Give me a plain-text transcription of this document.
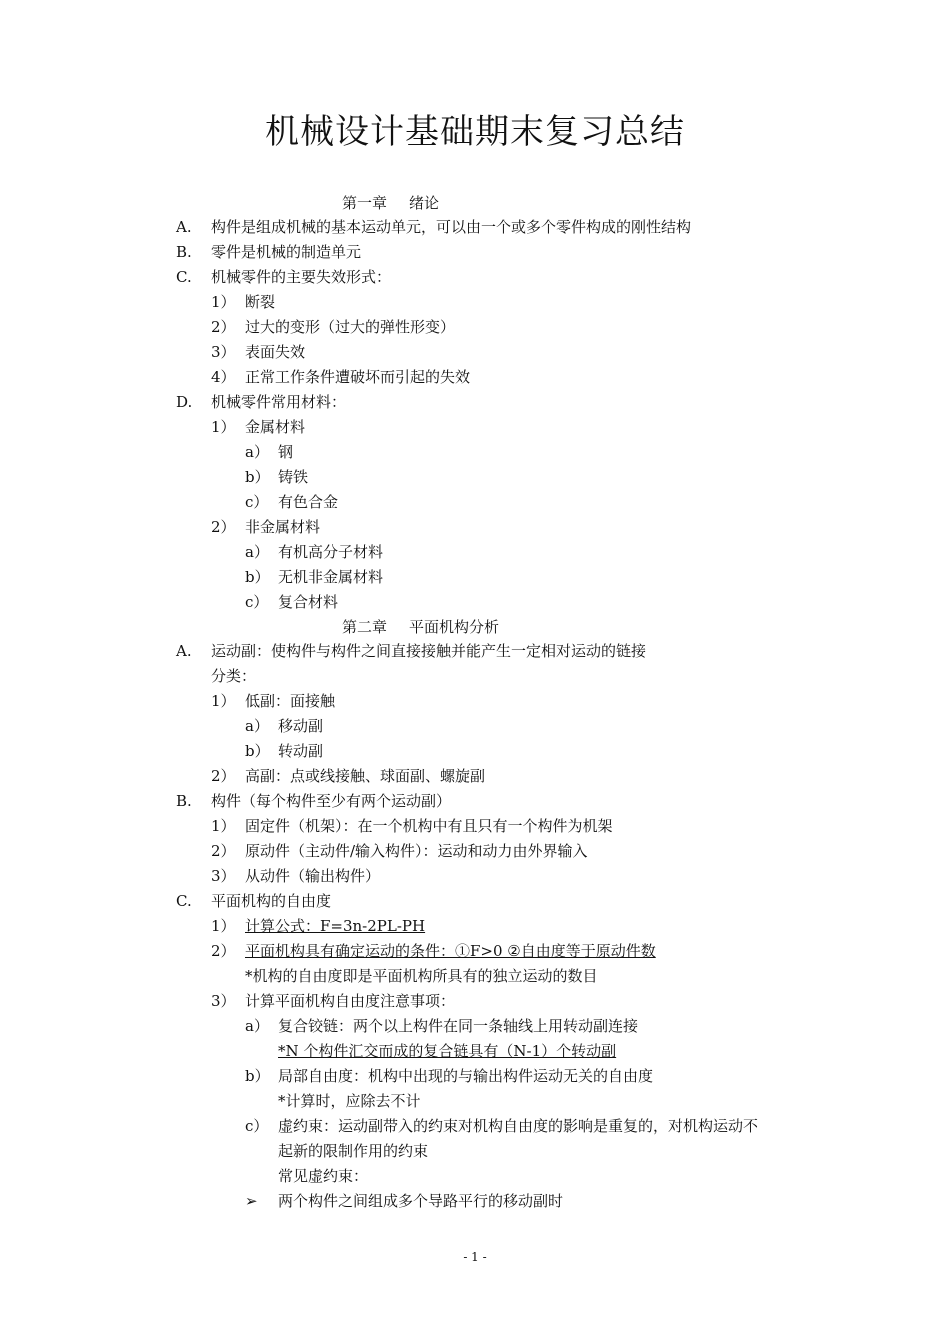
机械设计基础期末复习总结
第一章 绪论
第二章 平面机构分析
A. 构件是组成机械的基本运动单元，可以由一个或多个零件构成的刚性结构
B. 零件是机械的制造单元
C. 机械零件的主要失效形式：
1） 断裂
2） 过大的变形（过大的弹性形变）
3） 表面失效
4） 正常工作条件遭破坏而引起的失效
D. 机械零件常用材料：
1） 金属材料
a） 钢
b） 铸铁
c） 有色合金
2） 非金属材料
a） 有机高分子材料
b） 无机非金属材料
c） 复合材料
A. 运动副：使构件与构件之间直接接触并能产生一定相对运动的链接
分类：
1） 低副：面接触
a） 移动副
b） 转动副
2） 高副：点或线接触、球面副、螺旋副
B. 构件（每个构件至少有两个运动副）
1） 固定件（机架）：在一个机构中有且只有一个构件为机架
2） 原动件（主动件/输入构件）：运动和动力由外界输入
3） 从动件（输出构件）
C. 平面机构的自由度
1） 计算公式：F=3n-2PL-PH
2） 平面机构具有确定运动的条件：①F>0 ②自由度等于原动件数
*机构的自由度即是平面机构所具有的独立运动的数目
3） 计算平面机构自由度注意事项：
a） 复合铰链：两个以上构件在同一条轴线上用转动副连接
*N 个构件汇交而成的复合链具有（N-1）个转动副
b） 局部自由度：机构中出现的与输出构件运动无关的自由度
*计算时，应除去不计
c） 虚约束：运动副带入的约束对机构自由度的影响是重复的，对机构运动不
起新的限制作用的约束
常见虚约束：
➢ 两个构件之间组成多个导路平行的移动副时
- 1 -
